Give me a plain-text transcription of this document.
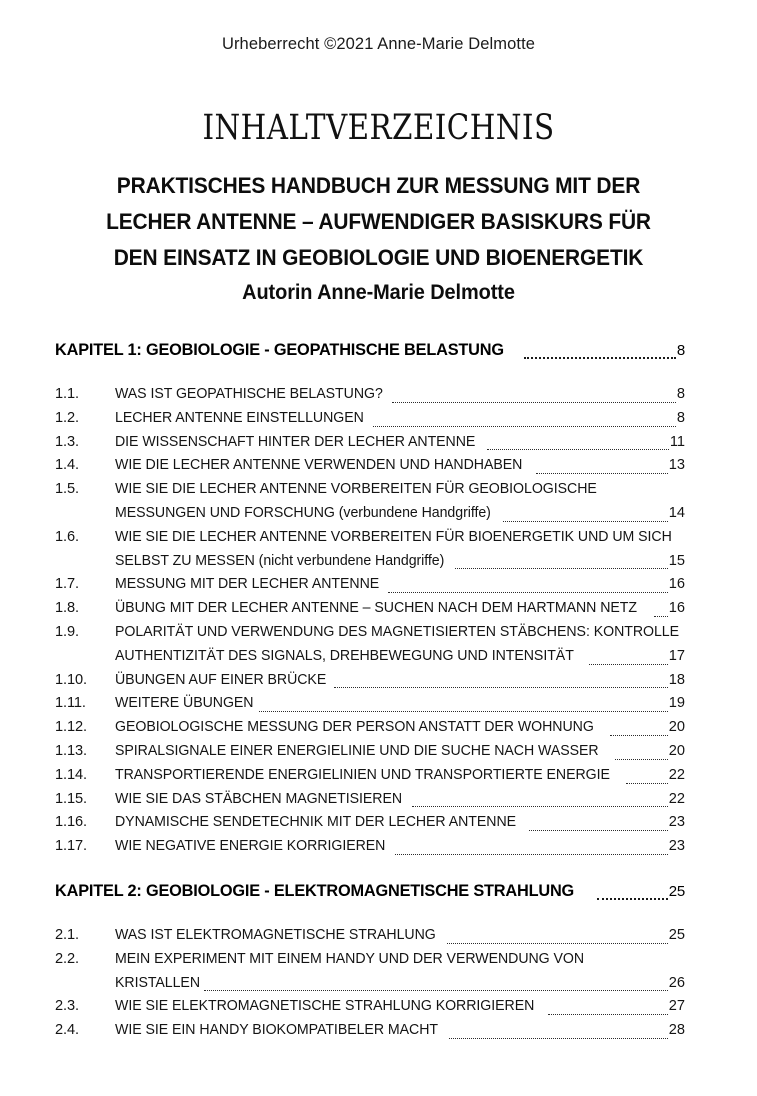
Urheberrecht ©2021 Anne-Marie Delmotte
INHALTVERZEICHNIS
PRAKTISCHES HANDBUCH ZUR MESSUNG MIT DER
LECHER ANTENNE – AUFWENDIGER BASISKURS FÜR
DEN EINSATZ IN GEOBIOLOGIE UND BIOENERGETIK
Autorin Anne-Marie Delmotte
KAPITEL 1: GEOBIOLOGIE - GEOPATHISCHE BELASTUNG	8
1.1.	WAS IST GEOPATHISCHE BELASTUNG?	8
1.2.	LECHER ANTENNE EINSTELLUNGEN	8
1.3.	DIE WISSENSCHAFT HINTER DER LECHER ANTENNE	11
1.4.	WIE DIE LECHER ANTENNE VERWENDEN UND HANDHABEN	13
1.5.	WIE SIE DIE LECHER ANTENNE VORBEREITEN FÜR GEOBIOLOGISCHE
MESSUNGEN UND FORSCHUNG (verbundene Handgriffe)	14
1.6.	WIE SIE DIE LECHER ANTENNE VORBEREITEN FÜR BIOENERGETIK UND UM SICH
SELBST ZU MESSEN (nicht verbundene Handgriffe)	15
1.7.	MESSUNG MIT DER LECHER ANTENNE	16
1.8.	ÜBUNG MIT DER LECHER ANTENNE – SUCHEN NACH DEM HARTMANN NETZ 16
1.9.	POLARITÄT UND VERWENDUNG DES MAGNETISIERTEN STÄBCHENS: KONTROLLE
AUTHENTIZITÄT DES SIGNALS, DREHBEWEGUNG UND INTENSITÄT	17
1.10.	ÜBUNGEN AUF EINER BRÜCKE	18
1.11.	WEITERE ÜBUNGEN	19
1.12.	GEOBIOLOGISCHE MESSUNG DER PERSON ANSTATT DER WOHNUNG	20
1.13.	SPIRALSIGNALE EINER ENERGIELINIE UND DIE SUCHE NACH WASSER	20
1.14.	TRANSPORTIERENDE ENERGIELINIEN UND TRANSPORTIERTE ENERGIE	22
1.15.	WIE SIE DAS STÄBCHEN MAGNETISIEREN	22
1.16.	DYNAMISCHE SENDETECHNIK MIT DER LECHER ANTENNE	23
1.17.	WIE NEGATIVE ENERGIE KORRIGIEREN	23
KAPITEL 2: GEOBIOLOGIE - ELEKTROMAGNETISCHE STRAHLUNG	25
2.1.	WAS IST ELEKTROMAGNETISCHE STRAHLUNG	25
2.2.	MEIN EXPERIMENT MIT EINEM HANDY UND DER VERWENDUNG VON
KRISTALLEN	26
2.3.	WIE SIE ELEKTROMAGNETISCHE STRAHLUNG KORRIGIEREN	27
2.4.	WIE SIE EIN HANDY BIOKOMPATIBELER MACHT	28
